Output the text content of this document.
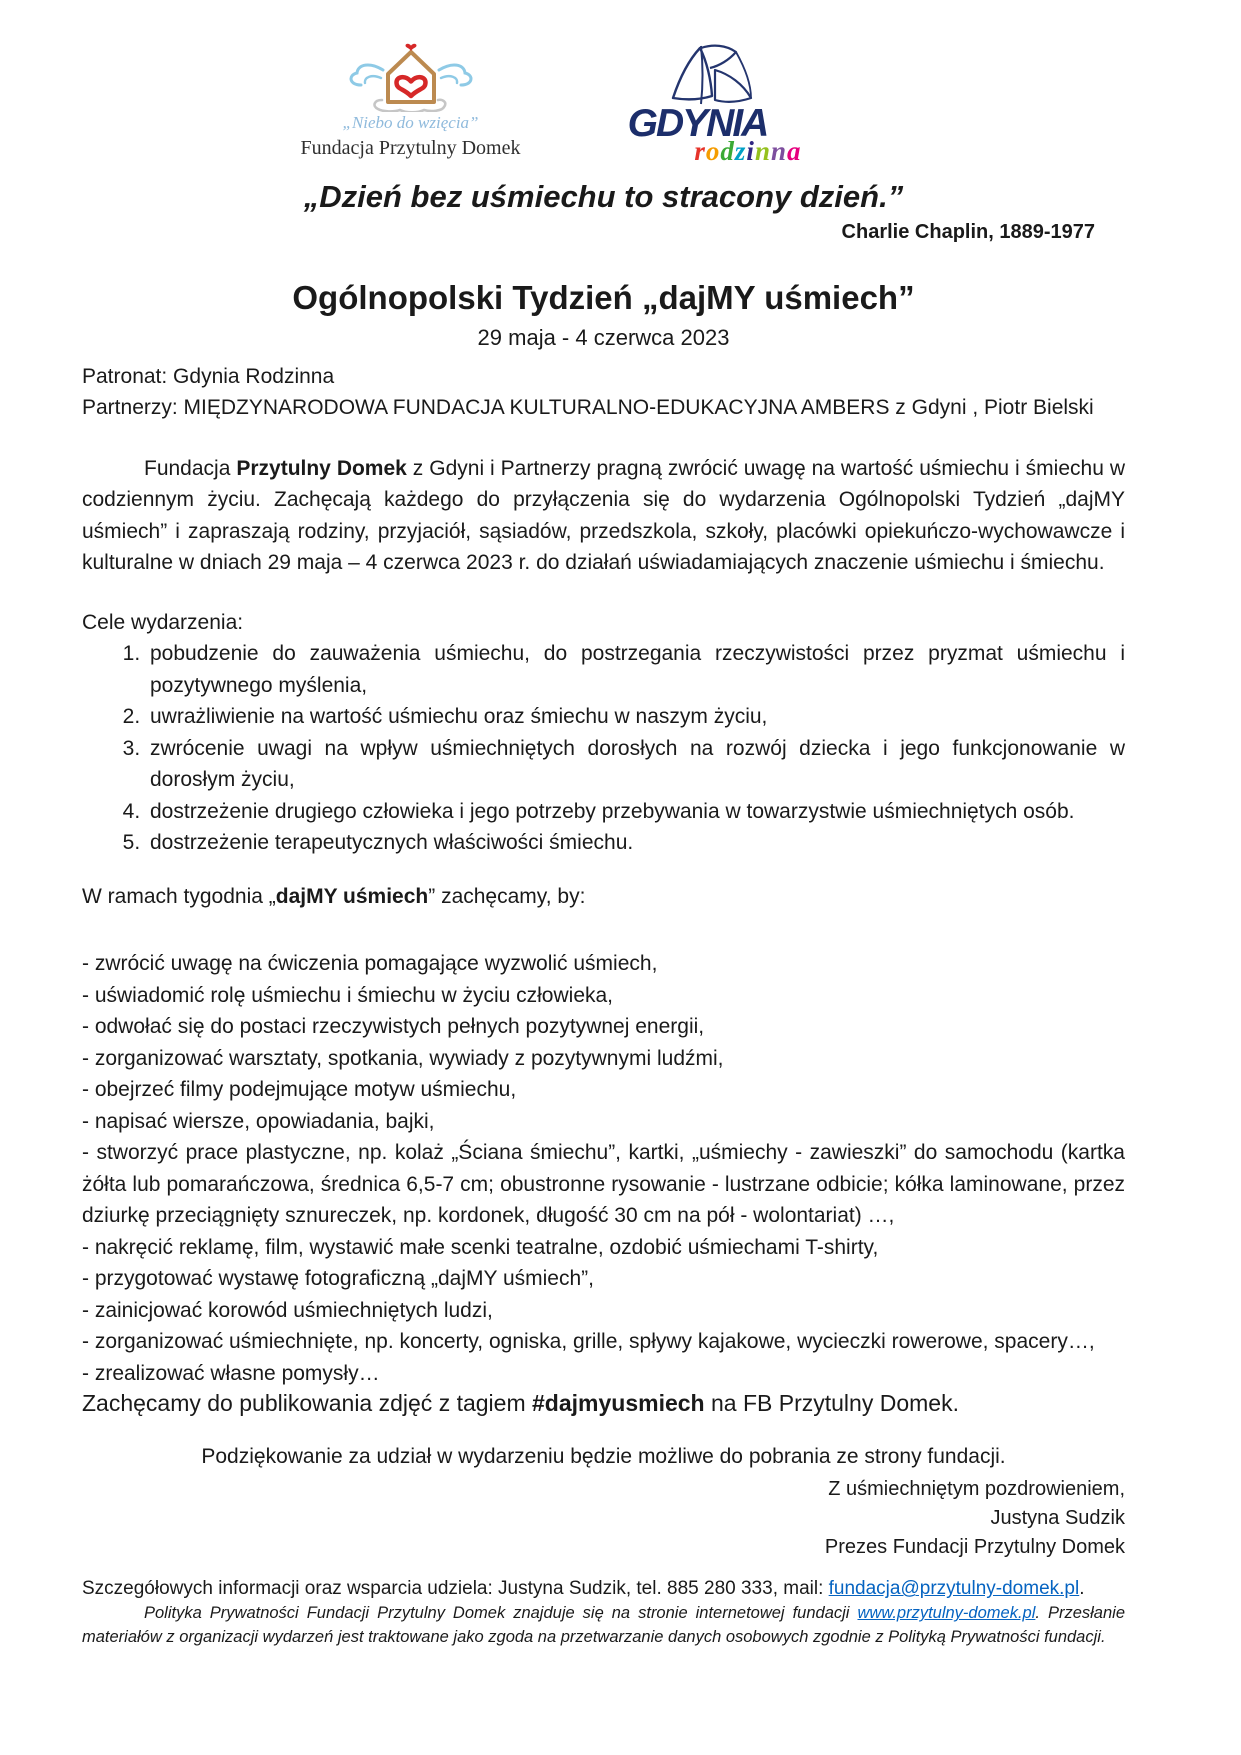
„Niebo do wzięcia”
Fundacja Przytulny Domek
GDYNIA
rodzinna
„Dzień bez uśmiechu to stracony dzień.”
Charlie Chaplin, 1889-1977
Ogólnopolski Tydzień „dajMY uśmiech”
29 maja - 4 czerwca 2023
Patronat: Gdynia Rodzinna
Partnerzy: MIĘDZYNARODOWA FUNDACJA KULTURALNO-EDUKACYJNA AMBERS z Gdyni , Piotr Bielski

Fundacja Przytulny Domek z Gdyni i Partnerzy pragną zwrócić uwagę na wartość uśmiechu i śmiechu w codziennym życiu. Zachęcają każdego do przyłączenia się do wydarzenia Ogólnopolski Tydzień „dajMY uśmiech” i zapraszają rodziny, przyjaciół, sąsiadów, przedszkola, szkoły, placówki opiekuńczo-wychowawcze i kulturalne w dniach 29 maja – 4 czerwca 2023 r. do działań uświadamiających znaczenie uśmiechu i śmiechu.

Cele wydarzenia:
1. pobudzenie do zauważenia uśmiechu, do postrzegania rzeczywistości przez pryzmat uśmiechu i pozytywnego myślenia,
2. uwrażliwienie na wartość uśmiechu oraz śmiechu w naszym życiu,
3. zwrócenie uwagi na wpływ uśmiechniętych dorosłych na rozwój dziecka i jego funkcjonowanie w dorosłym życiu,
4. dostrzeżenie drugiego człowieka i jego potrzeby przebywania w towarzystwie uśmiechniętych osób.
5. dostrzeżenie terapeutycznych właściwości śmiechu.

W ramach tygodnia „dajMY uśmiech” zachęcamy, by:

- zwrócić uwagę na ćwiczenia pomagające wyzwolić uśmiech,

- uświadomić rolę uśmiechu i śmiechu w życiu człowieka,

- odwołać się do postaci rzeczywistych pełnych pozytywnej energii,

- zorganizować warsztaty, spotkania, wywiady z pozytywnymi ludźmi,

- obejrzeć filmy podejmujące motyw uśmiechu,

- napisać wiersze, opowiadania, bajki,

- stworzyć prace plastyczne, np. kolaż „Ściana śmiechu”, kartki, „uśmiechy - zawieszki” do samochodu (kartka żółta lub pomarańczowa, średnica 6,5-7 cm; obustronne rysowanie - lustrzane odbicie; kółka laminowane, przez dziurkę przeciągnięty sznureczek, np. kordonek, długość 30 cm na pół - wolontariat) …,

- nakręcić reklamę, film, wystawić małe scenki teatralne, ozdobić uśmiechami T-shirty,

- przygotować wystawę fotograficzną „dajMY uśmiech”,

- zainicjować korowód uśmiechniętych ludzi,

- zorganizować uśmiechnięte, np. koncerty, ogniska, grille, spływy kajakowe, wycieczki rowerowe, spacery…,

- zrealizować własne pomysły…

Zachęcamy do publikowania zdjęć z tagiem #dajmyusmiech na FB Przytulny Domek.

Podziękowanie za udział w wydarzeniu będzie możliwe do pobrania ze strony fundacji.
Z uśmiechniętym pozdrowieniem,
Justyna Sudzik
Prezes Fundacji Przytulny Domek
Szczegółowych informacji oraz wsparcia udziela: Justyna Sudzik, tel. 885 280 333, mail: fundacja@przytulny-domek.pl.
Polityka Prywatności Fundacji Przytulny Domek znajduje się na stronie internetowej fundacji www.przytulny-domek.pl. Przesłanie materiałów z organizacji wydarzeń jest traktowane jako zgoda na przetwarzanie danych osobowych zgodnie z Polityką Prywatności fundacji.
